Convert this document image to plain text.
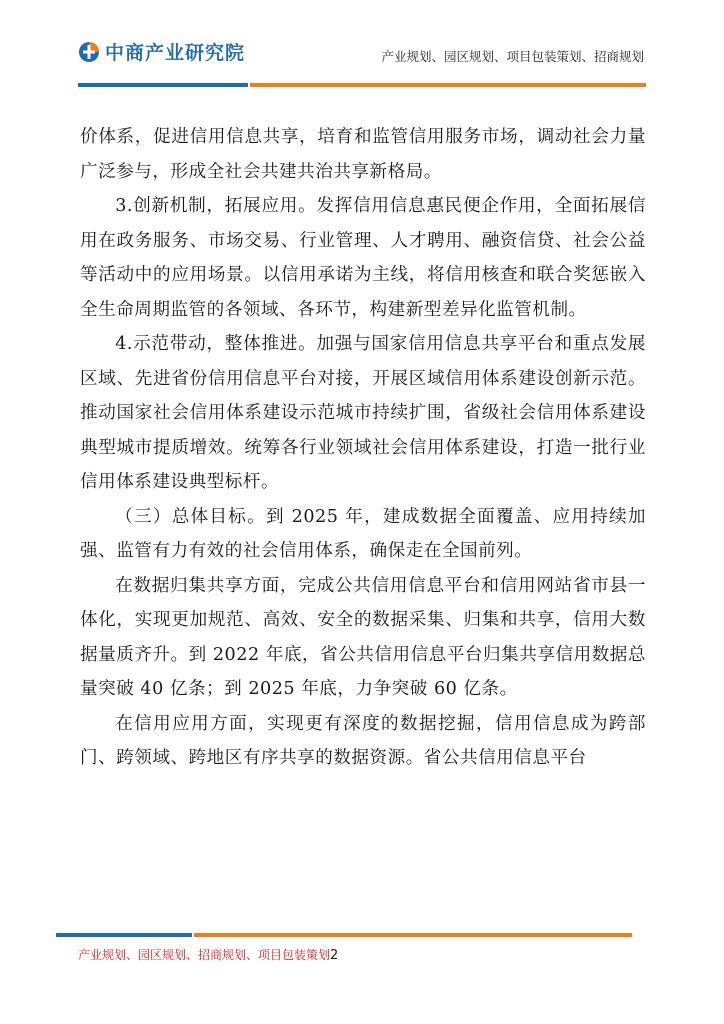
中商产业研究院	产业规划、园区规划、项目包装策划、招商规划

价体系，促进信用信息共享，培育和监管信用服务市场，调动社会力量广泛参与，形成全社会共建共治共享新格局。

3.创新机制，拓展应用。发挥信用信息惠民便企作用，全面拓展信用在政务服务、市场交易、行业管理、人才聘用、融资信贷、社会公益等活动中的应用场景。以信用承诺为主线，将信用核查和联合奖惩嵌入全生命周期监管的各领域、各环节，构建新型差异化监管机制。

4.示范带动，整体推进。加强与国家信用信息共享平台和重点发展区域、先进省份信用信息平台对接，开展区域信用体系建设创新示范。推动国家社会信用体系建设示范城市持续扩围，省级社会信用体系建设典型城市提质增效。统筹各行业领域社会信用体系建设，打造一批行业信用体系建设典型标杆。

（三）总体目标。到 2025 年，建成数据全面覆盖、应用持续加强、监管有力有效的社会信用体系，确保走在全国前列。

在数据归集共享方面，完成公共信用信息平台和信用网站省市县一体化，实现更加规范、高效、安全的数据采集、归集和共享，信用大数据量质齐升。到 2022 年底，省公共信用信息平台归集共享信用数据总量突破 40 亿条；到 2025 年底，力争突破 60 亿条。

在信用应用方面，实现更有深度的数据挖掘，信用信息成为跨部门、跨领域、跨地区有序共享的数据资源。省公共信用信息平台

产业规划、园区规划、招商规划、项目包装策划2
